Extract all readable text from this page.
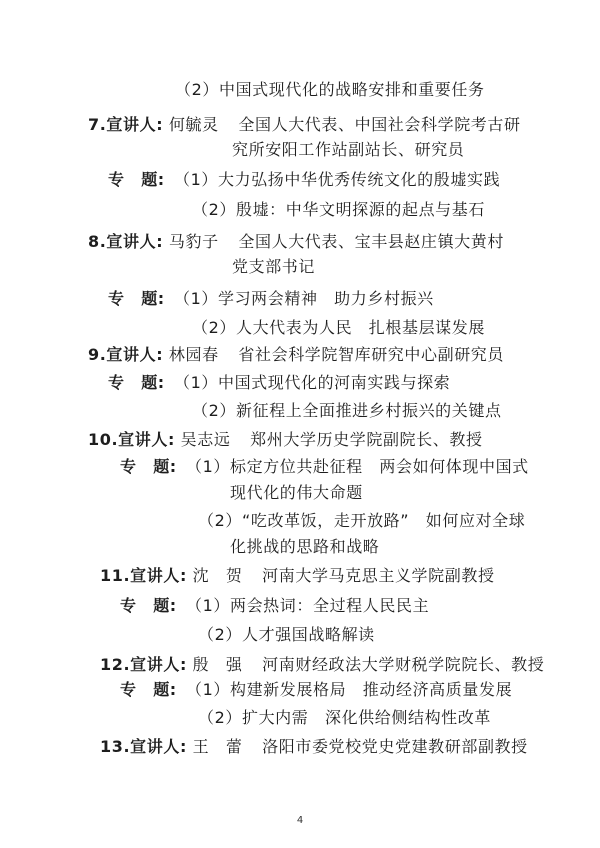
（2）中国式现代化的战略安排和重要任务
7.宣讲人: 何毓灵 全国人大代表、中国社会科学院考古研
究所安阳工作站副站长、研究员
专　题: （1）大力弘扬中华优秀传统文化的殷墟实践
（2）殷墟：中华文明探源的起点与基石
8.宣讲人: 马豹子 全国人大代表、宝丰县赵庄镇大黄村
党支部书记
专　题: （1）学习两会精神　助力乡村振兴
（2）人大代表为人民　扎根基层谋发展
9.宣讲人: 林园春 省社会科学院智库研究中心副研究员
专　题: （1）中国式现代化的河南实践与探索
（2）新征程上全面推进乡村振兴的关键点
10.宣讲人: 吴志远 郑州大学历史学院副院长、教授
专　题: （1）标定方位共赴征程　两会如何体现中国式
现代化的伟大命题
（2）“吃改革饭，走开放路”　如何应对全球
化挑战的思路和战略
11.宣讲人: 沈　贺 河南大学马克思主义学院副教授
专　题: （1）两会热词：全过程人民民主
（2）人才强国战略解读
12.宣讲人: 殷　强 河南财经政法大学财税学院院长、教授
专　题: （1）构建新发展格局　推动经济高质量发展
（2）扩大内需　深化供给侧结构性改革
13.宣讲人: 王　蕾 洛阳市委党校党史党建教研部副教授
4
